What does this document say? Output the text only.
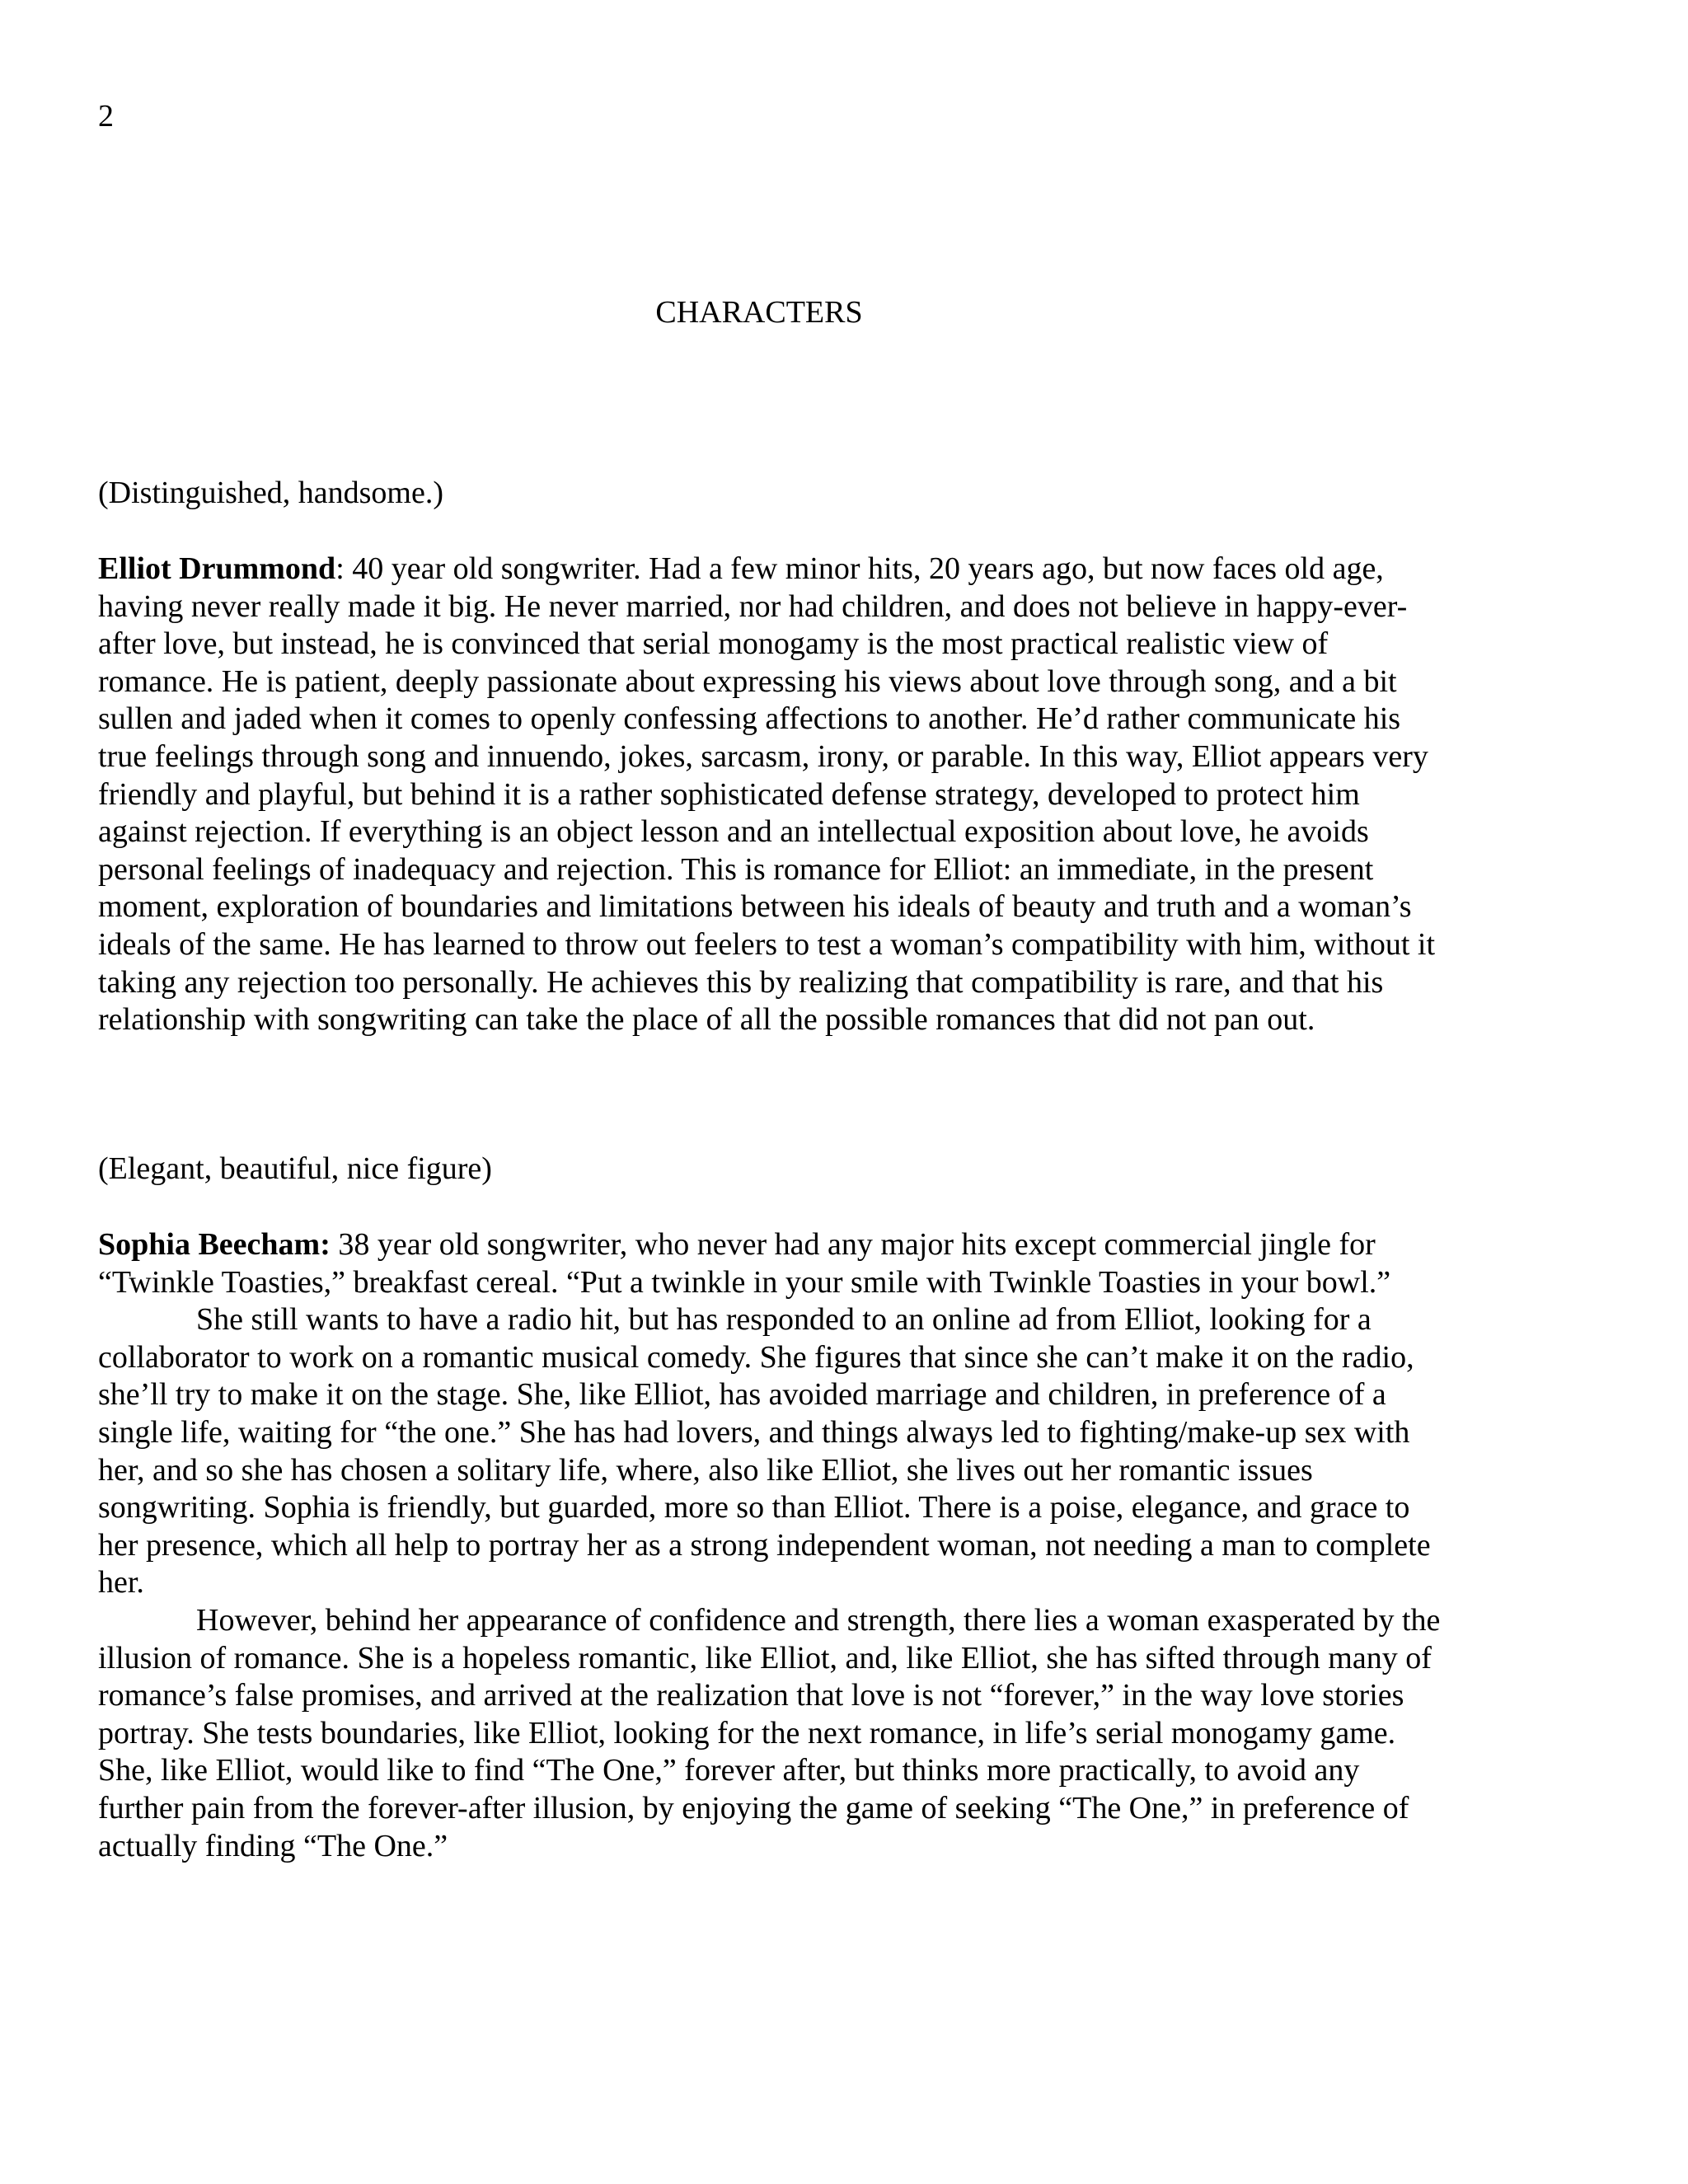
2
CHARACTERS
(Distinguished, handsome.)

Elliot Drummond: 40 year old songwriter. Had a few minor hits, 20 years ago, but now faces old age, having never really made it big. He never married, nor had children, and does not believe in happy-ever-after love, but instead, he is convinced that serial monogamy is the most practical realistic view of romance. He is patient, deeply passionate about expressing his views about love through song, and a bit sullen and jaded when it comes to openly confessing affections to another. He’d rather communicate his true feelings through song and innuendo, jokes, sarcasm, irony, or parable. In this way, Elliot appears very friendly and playful, but behind it is a rather sophisticated defense strategy, developed to protect him against rejection. If everything is an object lesson and an intellectual exposition about love, he avoids personal feelings of inadequacy and rejection. This is romance for Elliot: an immediate, in the present moment, exploration of boundaries and limitations between his ideals of beauty and truth and a woman’s ideals of the same. He has learned to throw out feelers to test a woman’s compatibility with him, without it taking any rejection too personally. He achieves this by realizing that compatibility is rare, and that his relationship with songwriting can take the place of all the possible romances that did not pan out.

(Elegant, beautiful, nice figure)

Sophia Beecham: 38 year old songwriter, who never had any major hits except commercial jingle for “Twinkle Toasties,” breakfast cereal. “Put a twinkle in your smile with Twinkle Toasties in your bowl.”

She still wants to have a radio hit, but has responded to an online ad from Elliot, looking for a collaborator to work on a romantic musical comedy. She figures that since she can’t make it on the radio, she’ll try to make it on the stage. She, like Elliot, has avoided marriage and children, in preference of a single life, waiting for “the one.” She has had lovers, and things always led to fighting/make-up sex with her, and so she has chosen a solitary life, where, also like Elliot, she lives out her romantic issues songwriting. Sophia is friendly, but guarded, more so than Elliot. There is a poise, elegance, and grace to her presence, which all help to portray her as a strong independent woman, not needing a man to complete her.

However, behind her appearance of confidence and strength, there lies a woman exasperated by the illusion of romance. She is a hopeless romantic, like Elliot, and, like Elliot, she has sifted through many of romance’s false promises, and arrived at the realization that love is not “forever,” in the way love stories portray. She tests boundaries, like Elliot, looking for the next romance, in life’s serial monogamy game. She, like Elliot, would like to find “The One,” forever after, but thinks more practically, to avoid any further pain from the forever-after illusion, by enjoying the game of seeking “The One,” in preference of actually finding “The One.”
